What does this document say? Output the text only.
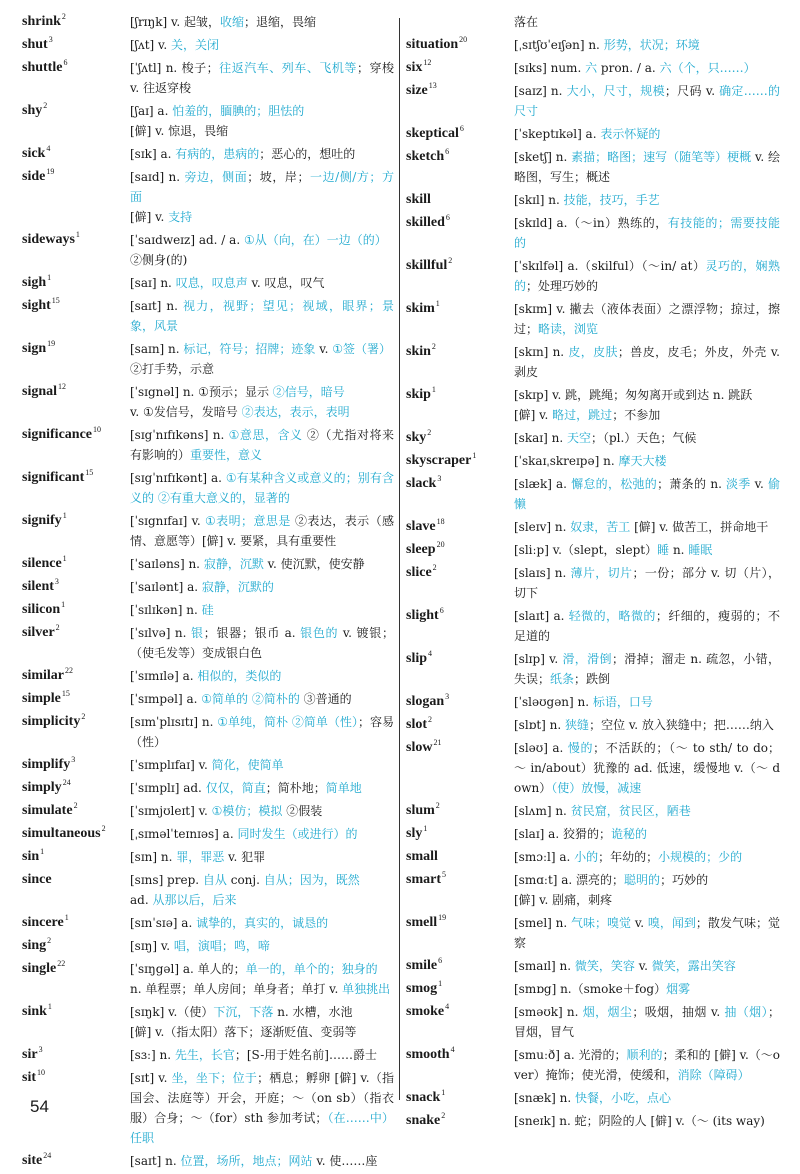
shrink$^2$	[ʃrɪŋk] v. 起皱，收缩；退缩，畏缩
shut$^3$	[ʃʌt] v. 关，关闭
shuttle$^6$	[ˈʃʌtl] n. 梭子；往返汽车、列车、飞机等；穿梭 v. 往返穿梭
shy$^2$	[ʃaɪ] a. 怕羞的，腼腆的；胆怯的
[僻] v. 惊退，畏缩
sick$^4$	[sɪk] a. 有病的，患病的；恶心的，想吐的
side$^{19}$	[saɪd] n. 旁边，侧面；坡，岸；一边/侧/方；方面
[僻] v. 支持
sideways$^1$	[ˈsaɪdweɪz] ad. / a. ①从（向，在）一边（的）
②侧身(的)
sigh$^1$	[saɪ] n. 叹息，叹息声 v. 叹息，叹气
sight$^{15}$	[saɪt] n. 视力，视野；望见；视域，眼界；景象，风景
sign$^{19}$	[saɪn] n. 标记，符号；招牌；迹象 v. ①签（署）
②打手势，示意
signal$^{12}$	[ˈsɪgnəl] n. ①预示；显示 ②信号，暗号
v. ①发信号，发暗号 ②表达，表示，表明
significance$^{10}$	[sɪgˈnɪfɪkəns] n. ①意思，含义 ②（尤指对将来有影响的）重要性，意义
significant$^{15}$	[sɪgˈnɪfɪkənt] a. ①有某种含义或意义的；别有含义的 ②有重大意义的，显著的
signify$^1$	[ˈsɪgnɪfaɪ] v. ①表明；意思是 ②表达，表示（感情、意愿等）[僻] v. 要紧，具有重要性
silence$^1$	[ˈsaɪləns] n. 寂静，沉默 v. 使沉默，使安静
silent$^3$	[ˈsaɪlənt] a. 寂静，沉默的
silicon$^1$	[ˈsɪlɪkən] n. 硅
silver$^2$	[ˈsɪlvə] n. 银；银器；银币 a. 银色的 v. 镀银；（使毛发等）变成银白色
similar$^{22}$	[ˈsɪmɪlə] a. 相似的，类似的
simple$^{15}$	[ˈsɪmpəl] a. ①简单的 ②简朴的 ③普通的
simplicity$^2$	[sɪmˈplɪsɪtɪ] n. ①单纯，简朴 ②简单（性）；容易（性）
simplify$^3$	[ˈsɪmplɪfaɪ] v. 简化，使简单
simply$^{24}$	[ˈsɪmplɪ] ad. 仅仅，简直；简朴地；简单地
simulate$^2$	[ˈsɪmjʊleɪt] v. ①模仿；模拟 ②假装
simultaneous$^2$	[ˌsɪməlˈteɪnɪəs] a. 同时发生（或进行）的
$\sin^1$	[sɪn] n. 罪，罪恶 v. 犯罪
since	[sɪns] prep. 自从 conj. 自从；因为，既然
ad. 从那以后，后来
sincere$^1$	[sɪnˈsɪə] a. 诚挚的，真实的，诚恳的
sing$^2$	[sɪŋ] v. 唱，演唱；鸣，啼
single$^{22}$	[ˈsɪŋgəl] a. 单人的；单一的，单个的；独身的
n. 单程票；单人房间；单身者；单打 v. 单独挑出
sink$^1$	[sɪŋk] v.（使）下沉，下落 n. 水槽，水池
[僻] v.（指太阳）落下；逐渐贬值、变弱等
sir$^3$	[sɜː] n. 先生，长官；[S-用于姓名前]……爵士
sit$^{10}$	[sɪt] v. 坐，坐下；位于；栖息；孵卵 [僻] v.（指国会、法庭等）开会，开庭；～（on sb）（指衣服）合身；～（for）sth 参加考试；（在……中）任职
site$^{24}$	[saɪt] n. 位置，场所，地点；网站 v. 使……座
落在
situation$^{20}$	[ˌsɪtʃʊˈeɪʃən] n. 形势，状况；环境
six$^{12}$	[sɪks] num. 六 pron. / a. 六（个，只……）
size$^{13}$	[saɪz] n. 大小，尺寸，规模；尺码 v. 确定……的尺寸
skeptical$^6$	[ˈskeptɪkəl] a. 表示怀疑的
sketch$^6$	[sketʃ] n. 素描；略图；速写（随笔等）梗概 v. 绘略图，写生；概述
skill	[skɪl] n. 技能，技巧，手艺
skilled$^6$	[skɪld] a.（～in）熟练的，有技能的；需要技能的
skillful$^2$	[ˈskɪlfəl] a.（skilful）（～in/ at）灵巧的，娴熟的；处理巧妙的
skim$^1$	[skɪm] v. 撇去（液体表面）之漂浮物；掠过，擦过；略读，浏览
skin$^2$	[skɪn] n. 皮，皮肤；兽皮，皮毛；外皮，外壳 v. 剥皮
skip$^1$	[skɪp] v. 跳，跳绳；匆匆离开或到达 n. 跳跃
[僻] v. 略过，跳过；不参加
sky$^2$	[skaɪ] n. 天空；（pl.）天色；气候
skyscraper$^1$	[ˈskaɪˌskreɪpə] n. 摩天大楼
slack$^3$	[slæk] a. 懈怠的，松弛的；萧条的 n. 淡季 v. 偷懒
slave$^{18}$	[sleɪv] n. 奴隶，苦工 [僻] v. 做苦工，拼命地干
sleep$^{20}$	[sliːp] v.（slept，slept）睡 n. 睡眠
slice$^2$	[slaɪs] n. 薄片，切片；一份；部分 v. 切（片），切下
slight$^6$	[slaɪt] a. 轻微的，略微的；纤细的，瘦弱的；不足道的
slip$^4$	[slɪp] v. 滑，滑倒；滑掉；溜走 n. 疏忽，小错，失误；纸条；跌倒
slogan$^3$	[ˈsləʊgən] n. 标语，口号
slot$^2$	[slɒt] n. 狭缝；空位 v. 放入狭缝中；把……纳入
slow$^{21}$	[sləʊ] a. 慢的；不活跃的；（～ to sth/ to do；～ in/about）犹豫的 ad. 低速，缓慢地 v.（～ down）（使）放慢，减速
slum$^2$	[slʌm] n. 贫民窟，贫民区，陋巷
sly$^1$	[slaɪ] a. 狡猾的；诡秘的
small	[smɔːl] a. 小的；年幼的；小规模的；少的
smart$^5$	[smɑːt] a. 漂亮的；聪明的；巧妙的
[僻] v. 剧痛，刺疼
smell$^{19}$	[smel] n. 气味；嗅觉 v. 嗅，闻到；散发气味；觉察
smile$^6$	[smaɪl] n. 微笑，笑容 v. 微笑，露出笑容
smog$^1$	[smɒg] n.（smoke＋fog）烟雾
smoke$^4$	[sməʊk] n. 烟，烟尘；吸烟，抽烟 v. 抽（烟）；冒烟，冒气
smooth$^4$	[smuːð] a. 光滑的；顺利的；柔和的 [僻] v.（～over）掩饰；使光滑，使缓和，消除（障碍）
snack$^1$	[snæk] n. 快餐，小吃，点心
snake$^2$	[sneɪk] n. 蛇；阴险的人 [僻] v.（～ (its way)
54
